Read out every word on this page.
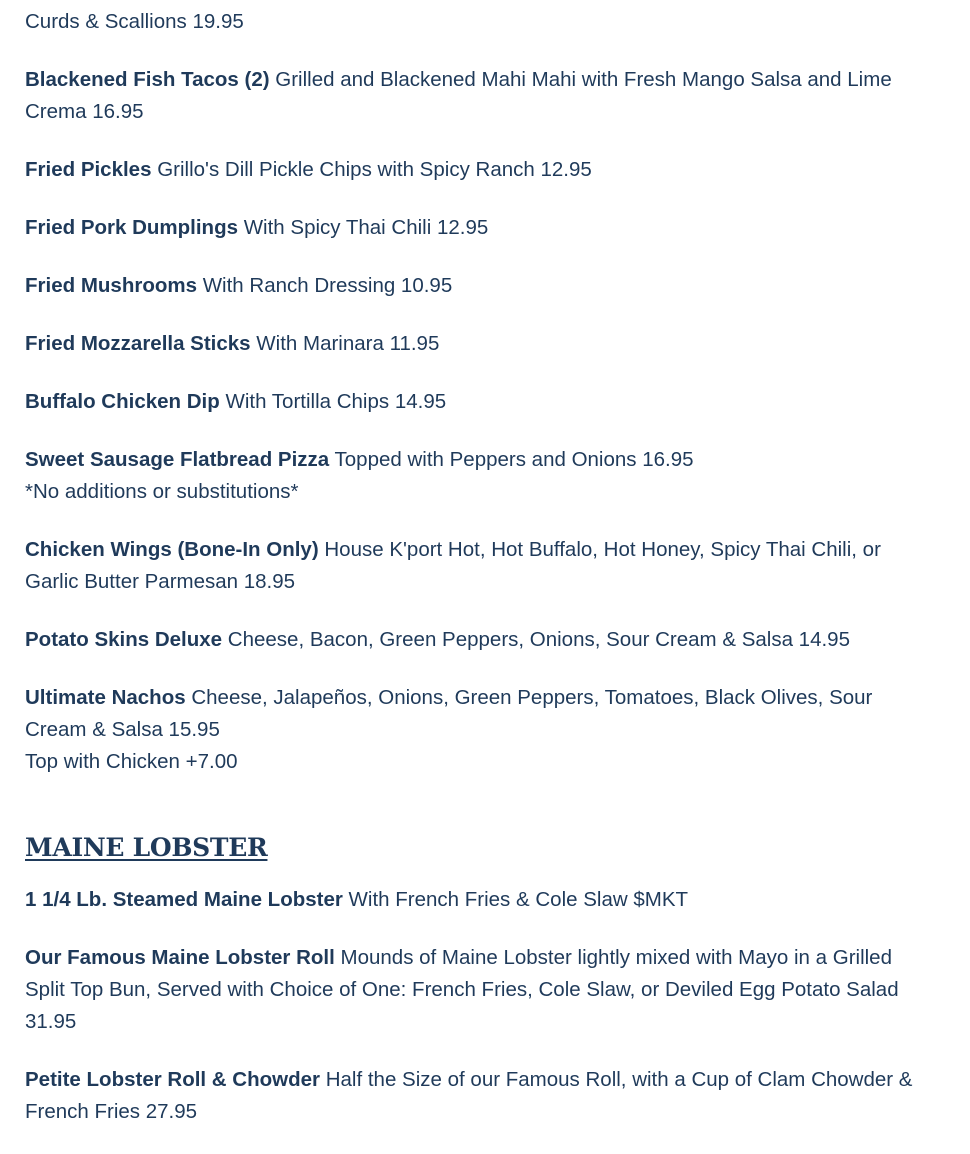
Curds & Scallions 19.95
Blackened Fish Tacos (2) Grilled and Blackened Mahi Mahi with Fresh Mango Salsa and Lime Crema 16.95
Fried Pickles Grillo's Dill Pickle Chips with Spicy Ranch 12.95
Fried Pork Dumplings With Spicy Thai Chili 12.95
Fried Mushrooms With Ranch Dressing 10.95
Fried Mozzarella Sticks With Marinara 11.95
Buffalo Chicken Dip With Tortilla Chips 14.95
Sweet Sausage Flatbread Pizza Topped with Peppers and Onions 16.95
*No additions or substitutions*
Chicken Wings (Bone-In Only) House K'port Hot, Hot Buffalo, Hot Honey, Spicy Thai Chili, or Garlic Butter Parmesan 18.95
Potato Skins Deluxe Cheese, Bacon, Green Peppers, Onions, Sour Cream & Salsa 14.95
Ultimate Nachos Cheese, Jalapeños, Onions, Green Peppers, Tomatoes, Black Olives, Sour Cream & Salsa 15.95
Top with Chicken +7.00
MAINE LOBSTER
1 1/4 Lb. Steamed Maine Lobster With French Fries & Cole Slaw $MKT
Our Famous Maine Lobster Roll Mounds of Maine Lobster lightly mixed with Mayo in a Grilled Split Top Bun, Served with Choice of One: French Fries, Cole Slaw, or Deviled Egg Potato Salad 31.95
Petite Lobster Roll & Chowder Half the Size of our Famous Roll, with a Cup of Clam Chowder & French Fries 27.95
